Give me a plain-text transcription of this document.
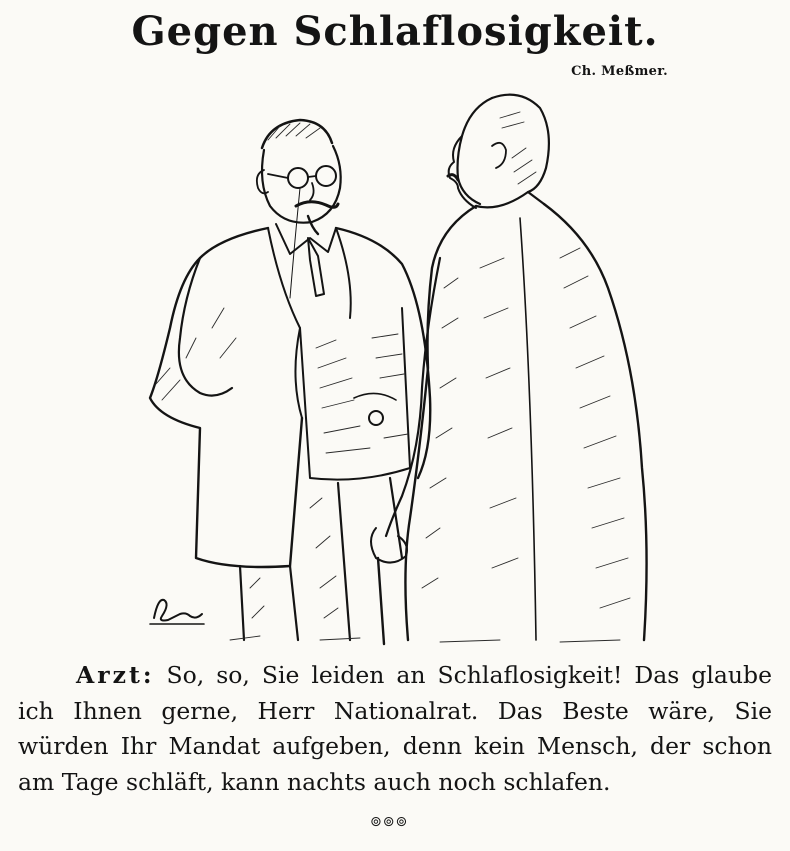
Gegen Schlaflosigkeit.
Ch. Meßmer.

Arzt: So, so, Sie leiden an Schlaflosigkeit! Das glaube ich Ihnen gerne, Herr Nationalrat. Das Beste wäre, Sie würden Ihr Mandat aufgeben, denn kein Mensch, der schon am Tage schläft, kann nachts auch noch schlafen.

⊚⊚⊚
